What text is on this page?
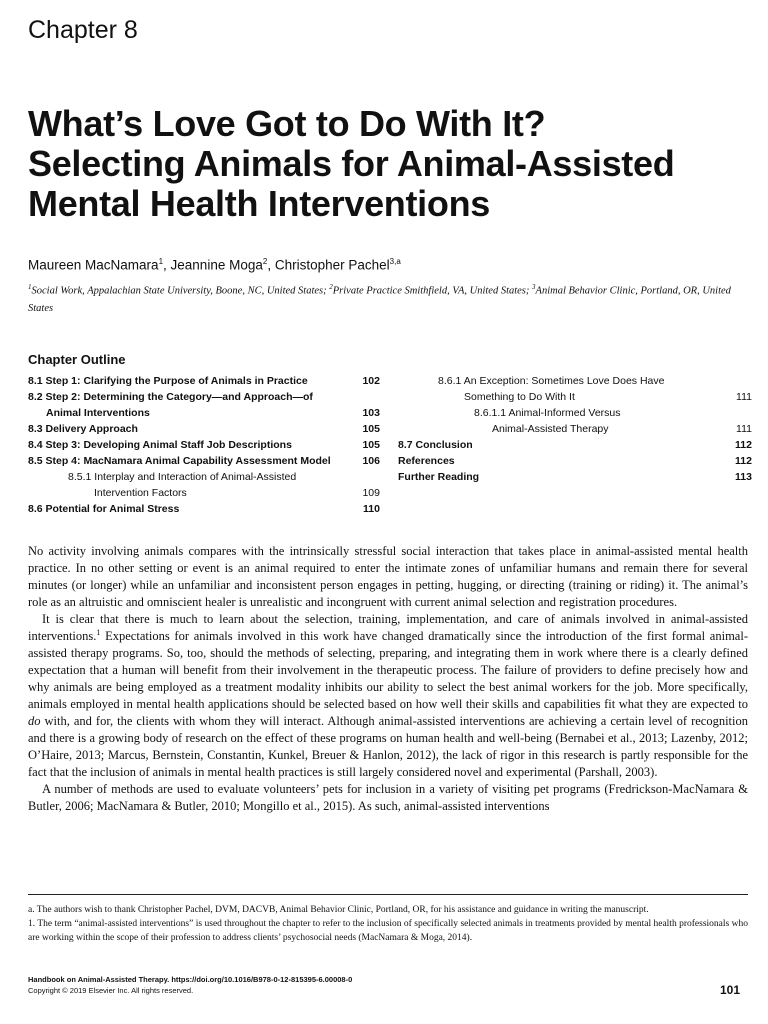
Chapter 8
What’s Love Got to Do With It?
Selecting Animals for Animal-Assisted
Mental Health Interventions
Maureen MacNamara$^1$, Jeannine Moga$^2$, Christopher Pachel$^{3,a}$
$^1$Social Work, Appalachian State University, Boone, NC, United States; $^2$Private Practice Smithfield, VA, United States; $^3$Animal Behavior Clinic, Portland, OR, United States
Chapter Outline
8.1 Step 1: Clarifying the Purpose of Animals in Practice	102
8.2 Step 2: Determining the Category—and Approach—of
Animal Interventions	103
8.3 Delivery Approach	105
8.4 Step 3: Developing Animal Staff Job Descriptions	105
8.5 Step 4: MacNamara Animal Capability Assessment Model	106
8.5.1 Interplay and Interaction of Animal-Assisted
Intervention Factors	109
8.6 Potential for Animal Stress	110
8.6.1 An Exception: Sometimes Love Does Have
Something to Do With It	111
8.6.1.1 Animal-Informed Versus
Animal-Assisted Therapy	111
8.7 Conclusion	112
References	112
Further Reading	113

No activity involving animals compares with the intrinsically stressful social interaction that takes place in animal-assisted mental health practice. In no other setting or event is an animal required to enter the intimate zones of unfamiliar humans and remain there for several minutes (or longer) while an unfamiliar and inconsistent person engages in petting, hugging, or directing (training or riding) it. The animal’s role as an altruistic and omniscient healer is unrealistic and incongruent with current animal selection and registration procedures.

It is clear that there is much to learn about the selection, training, implementation, and care of animals involved in animal-assisted interventions.$^1$ Expectations for animals involved in this work have changed dramatically since the introduction of the first formal animal-assisted therapy programs. So, too, should the methods of selecting, preparing, and integrating them in work where there is a clearly defined expectation that a human will benefit from their involvement in the therapeutic process. The failure of providers to define precisely how and why animals are being employed as a treatment modality inhibits our ability to select the best animal workers for the job. More specifically, animals employed in mental health applications should be selected based on how well their skills and capabilities fit what they are expected to do with, and for, the clients with whom they will interact. Although animal-assisted interventions are achieving a certain level of recognition and there is a growing body of research on the effect of these programs on human health and well-being (Bernabei et al., 2013; Lazenby, 2012; O’Haire, 2013; Marcus, Bernstein, Constantin, Kunkel, Breuer & Hanlon, 2012), the lack of rigor in this research is partly responsible for the fact that the inclusion of animals in mental health practices is still largely considered novel and experimental (Parshall, 2003).

A number of methods are used to evaluate volunteers’ pets for inclusion in a variety of visiting pet programs (Fredrickson-MacNamara & Butler, 2006; MacNamara & Butler, 2010; Mongillo et al., 2015). As such, animal-assisted interventions

a. The authors wish to thank Christopher Pachel, DVM, DACVB, Animal Behavior Clinic, Portland, OR, for his assistance and guidance in writing the manuscript.

1. The term “animal-assisted interventions” is used throughout the chapter to refer to the inclusion of specifically selected animals in treatments provided by mental health professionals who are working within the scope of their profession to address clients’ psychosocial needs (MacNamara & Moga, 2014).

Handbook on Animal-Assisted Therapy. https://doi.org/10.1016/B978-0-12-815395-6.00008-0
Copyright © 2019 Elsevier Inc. All rights reserved.	101
